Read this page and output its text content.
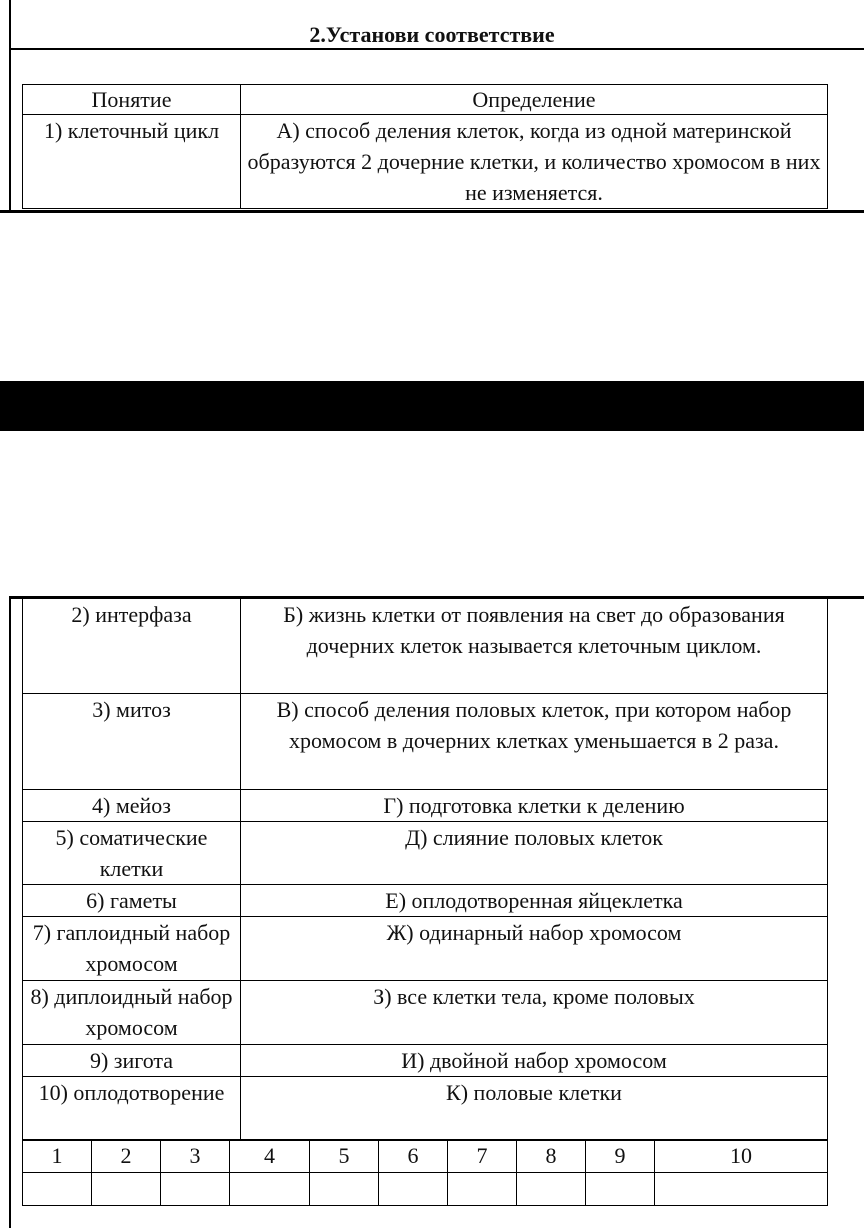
2.Установи соответствие
Понятие	Определение
1) клеточный цикл	А) способ деления клеток, когда из одной материнской образуются 2 дочерние клетки, и количество хромосом в них не изменяется.
2) интерфаза	Б) жизнь клетки от появления на свет до образования дочерних клеток называется клеточным циклом.
3) митоз	В) способ деления половых клеток, при котором набор хромосом в дочерних клетках уменьшается в 2 раза.
4) мейоз	Г) подготовка клетки к делению
5) соматические клетки	Д) слияние половых клеток
6) гаметы	Е) оплодотворенная яйцеклетка
7) гаплоидный набор хромосом	Ж) одинарный набор хромосом
8) диплоидный набор хромосом	З) все клетки тела, кроме половых
9) зигота	И) двойной набор хромосом
10) оплодотворение	К) половые клетки
1	2	3	4	5	6	7	8	9	10
